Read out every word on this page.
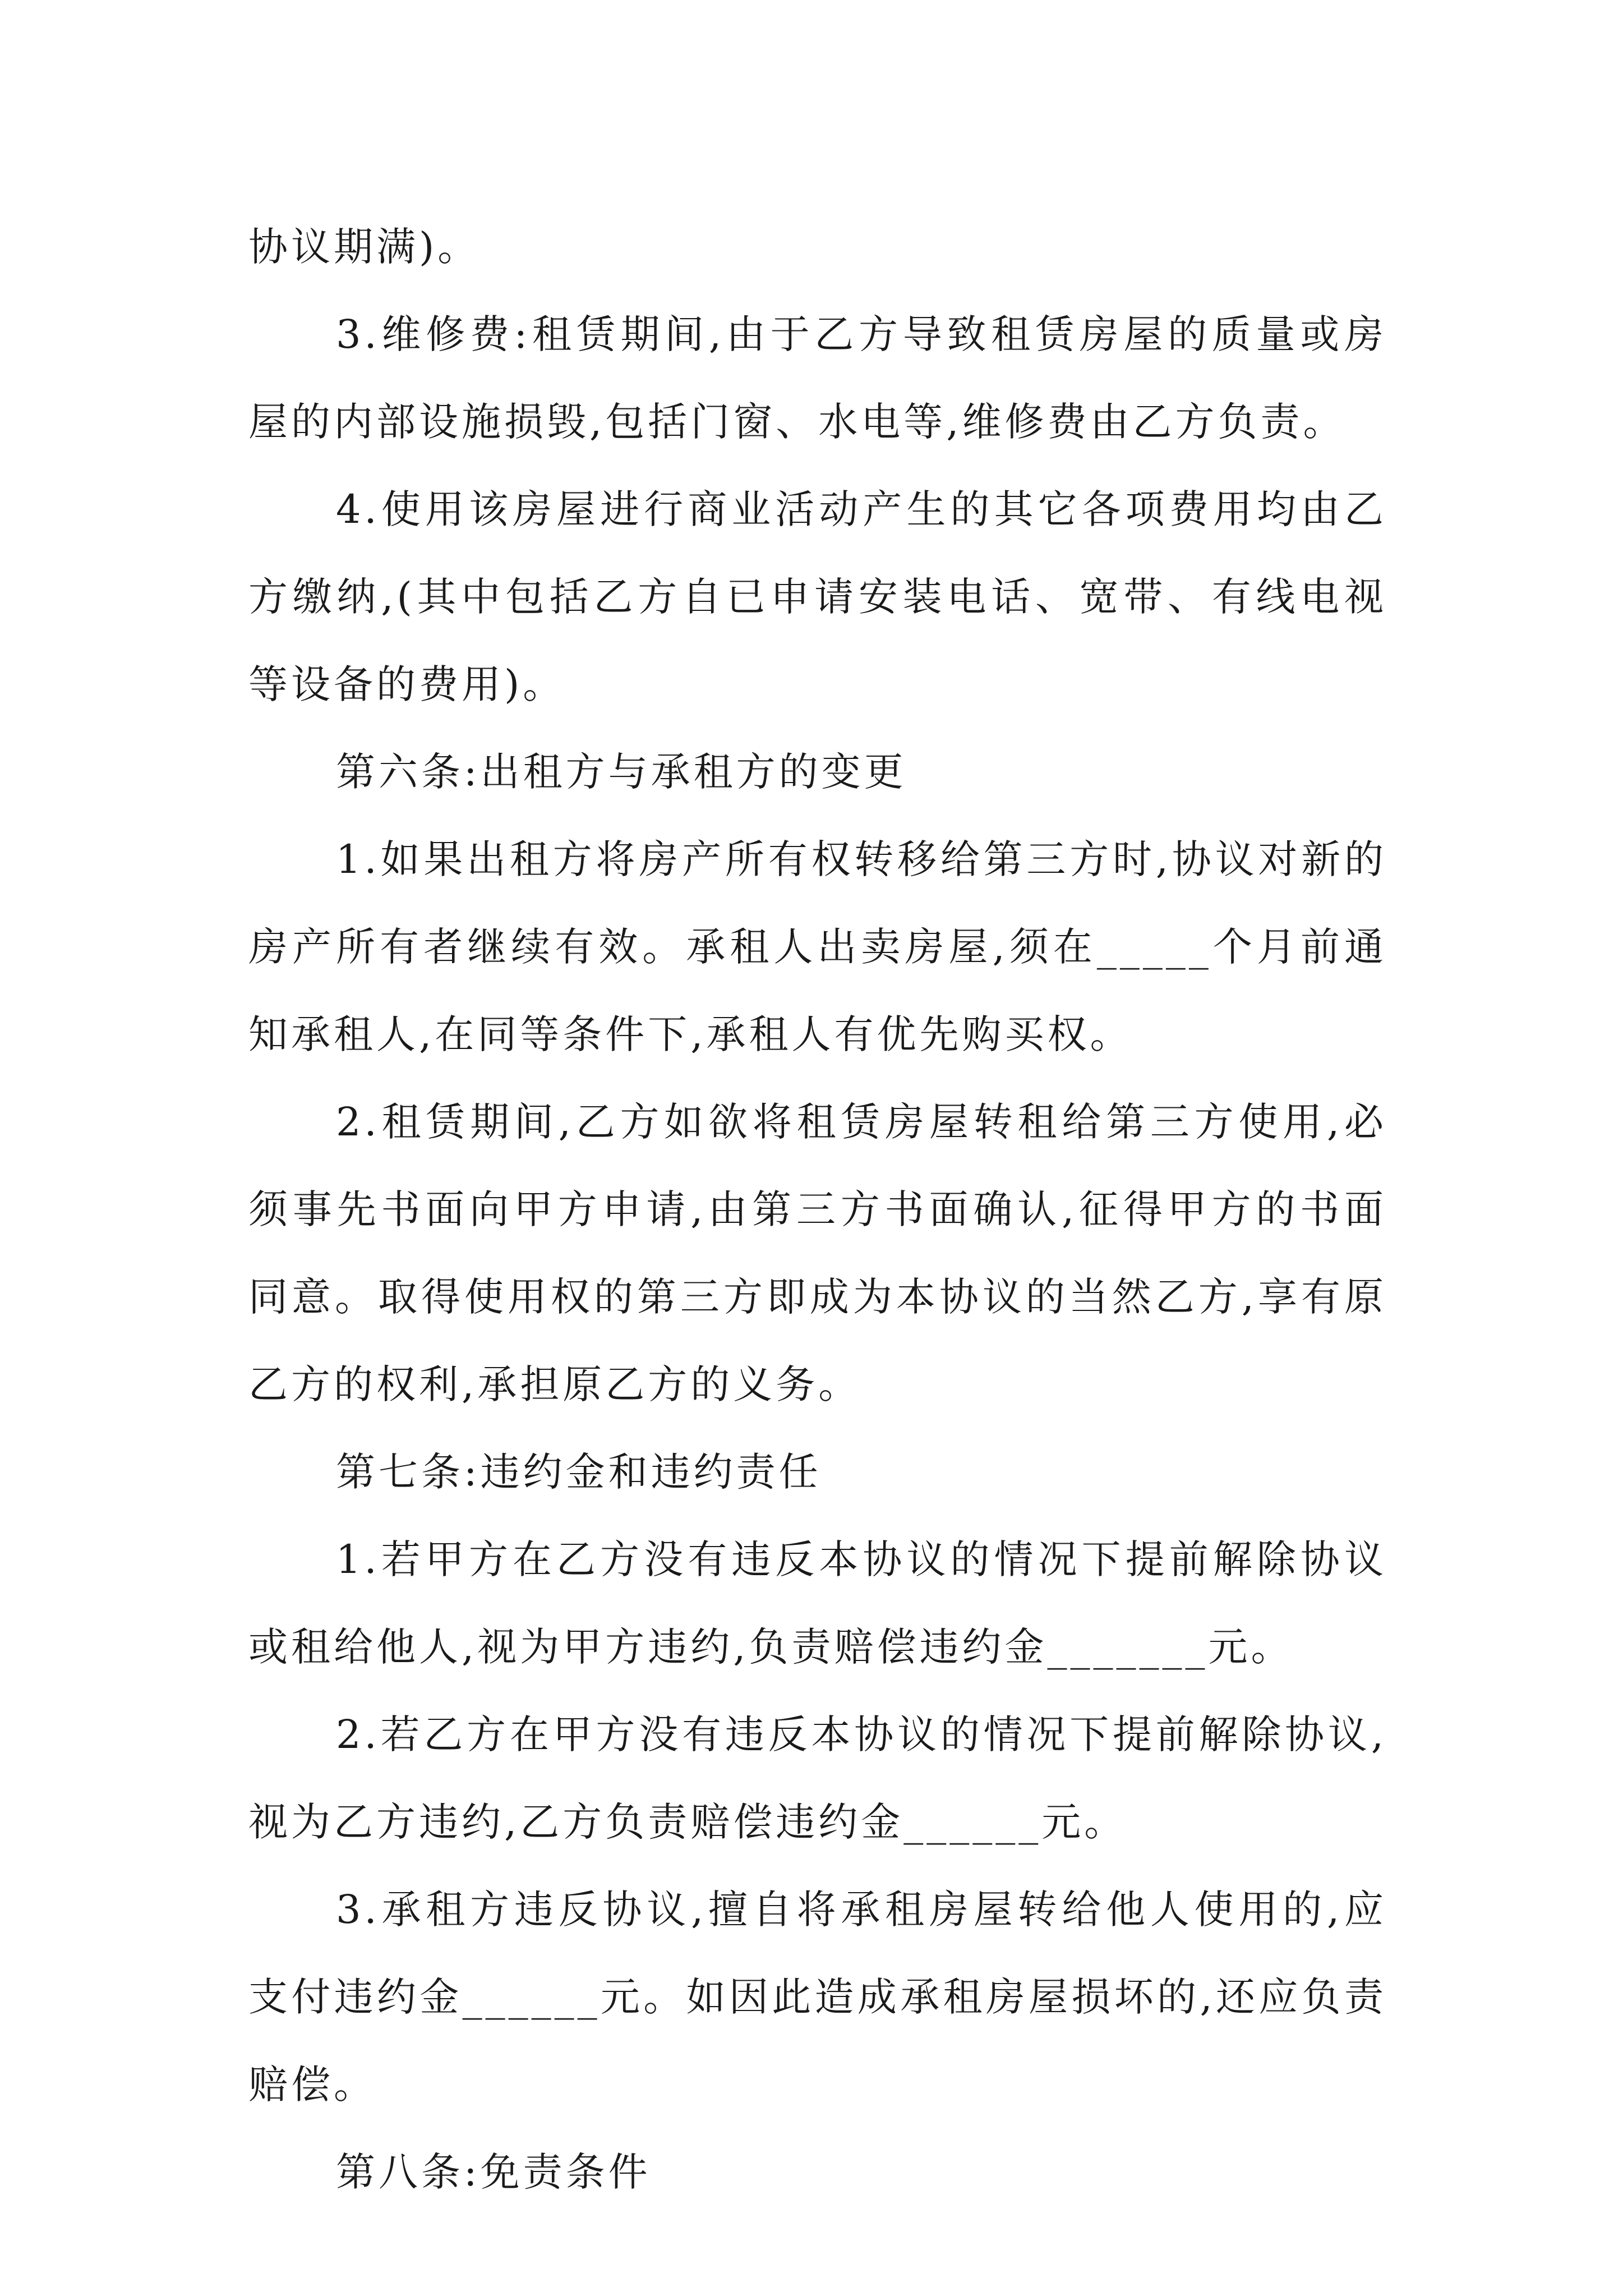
协议期满)。

3.维修费:租赁期间,由于乙方导致租赁房屋的质量或房屋的内部设施损毁,包括门窗、水电等,维修费由乙方负责。

4.使用该房屋进行商业活动产生的其它各项费用均由乙方缴纳,(其中包括乙方自已申请安装电话、宽带、有线电视等设备的费用)。

第六条:出租方与承租方的变更

1.如果出租方将房产所有权转移给第三方时,协议对新的房产所有者继续有效。承租人出卖房屋,须在_____个月前通知承租人,在同等条件下,承租人有优先购买权。

2.租赁期间,乙方如欲将租赁房屋转租给第三方使用,必须事先书面向甲方申请,由第三方书面确认,征得甲方的书面同意。取得使用权的第三方即成为本协议的当然乙方,享有原乙方的权利,承担原乙方的义务。

第七条:违约金和违约责任

1.若甲方在乙方没有违反本协议的情况下提前解除协议或租给他人,视为甲方违约,负责赔偿违约金_______元。

2.若乙方在甲方没有违反本协议的情况下提前解除协议,视为乙方违约,乙方负责赔偿违约金______元。

3.承租方违反协议,擅自将承租房屋转给他人使用的,应支付违约金______元。如因此造成承租房屋损坏的,还应负责赔偿。

第八条:免责条件
